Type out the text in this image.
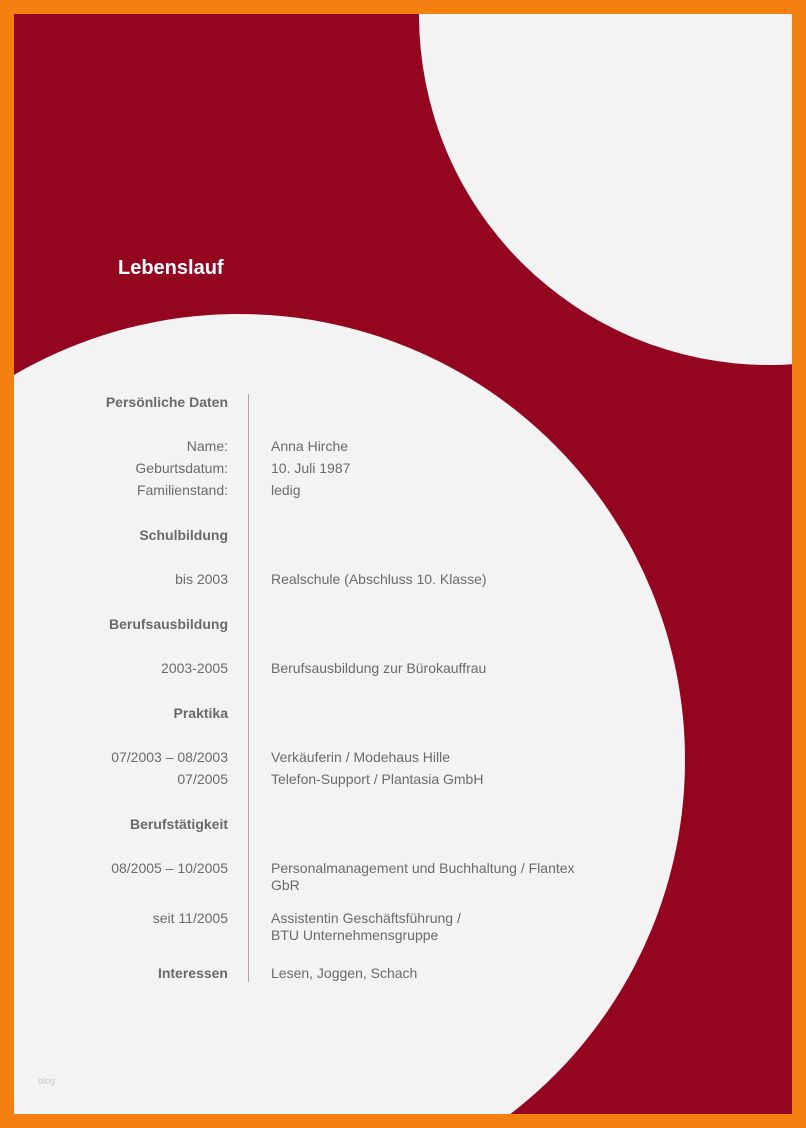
Lebenslauf
Persönliche Daten
Name:	Anna Hirche
Geburtsdatum:	10. Juli 1987
Familienstand:	ledig
Schulbildung
bis 2003	Realschule (Abschluss 10. Klasse)
Berufsausbildung
2003-2005	Berufsausbildung zur Bürokauffrau
Praktika
07/2003 – 08/2003	Verkäuferin / Modehaus Hille
07/2005	Telefon-Support / Plantasia GmbH
Berufstätigkeit
08/2005 – 10/2005	Personalmanagement und Buchhaltung / Flantex
GbR
seit 11/2005	Assistentin Geschäftsführung /
BTU Unternehmensgruppe
Interessen	Lesen, Joggen, Schach
blog
